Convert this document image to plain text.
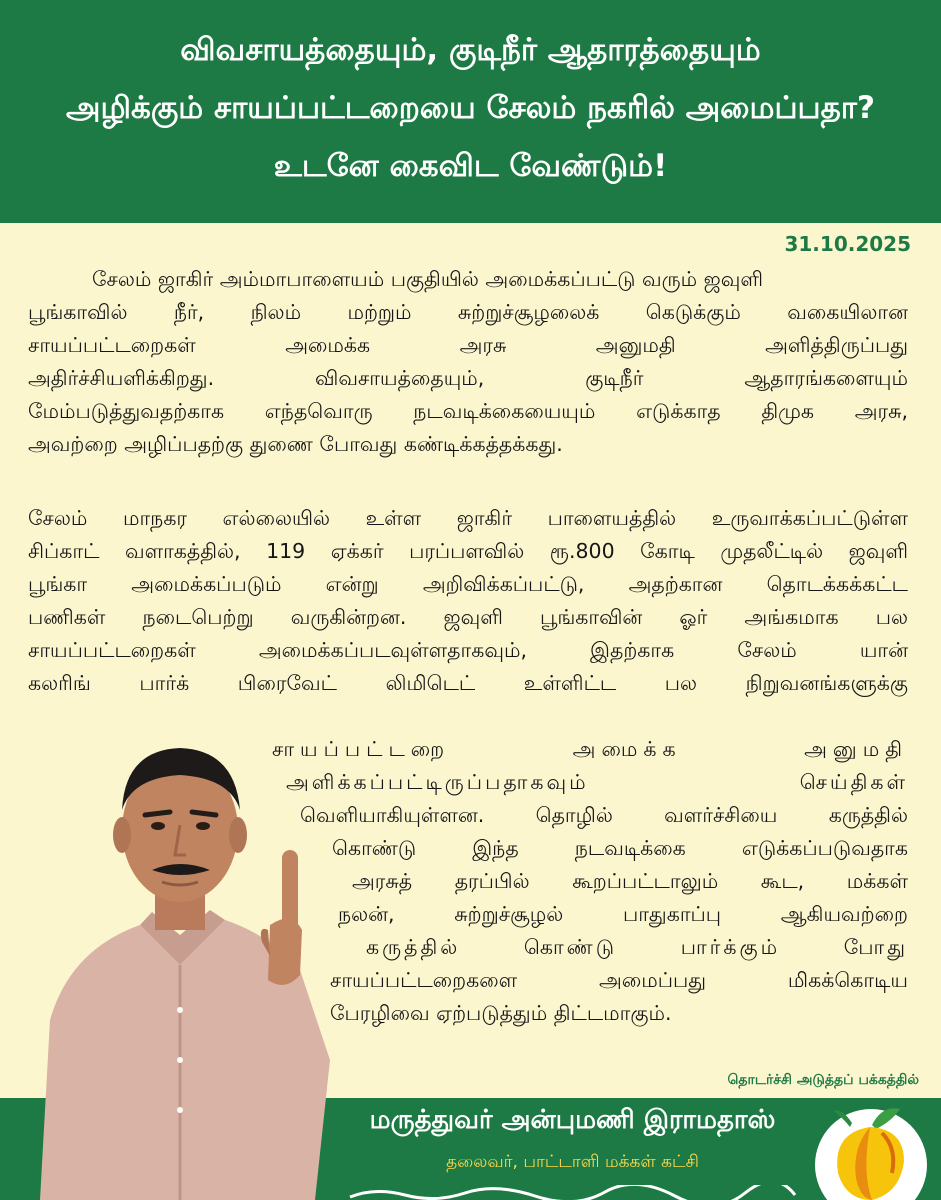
விவசாயத்தையும், குடிநீர் ஆதாரத்தையும்
அழிக்கும் சாயப்பட்டறையை சேலம் நகரில் அமைப்பதா?
உடனே கைவிட வேண்டும்!
31.10.2025
சேலம் ஜாகிர் அம்மாபாளையம் பகுதியில் அமைக்கப்பட்டு வரும் ஜவுளி
பூங்காவில் நீர், நிலம் மற்றும் சுற்றுச்சூழலைக் கெடுக்கும் வகையிலான
சாயப்பட்டறைகள் அமைக்க அரசு அனுமதி அளித்திருப்பது
அதிர்ச்சியளிக்கிறது. விவசாயத்தையும், குடிநீர் ஆதாரங்களையும்
மேம்படுத்துவதற்காக எந்தவொரு நடவடிக்கையையும் எடுக்காத திமுக அரசு,
அவற்றை அழிப்பதற்கு துணை போவது கண்டிக்கத்தக்கது.
சேலம் மாநகர எல்லையில் உள்ள ஜாகிர் பாளையத்தில் உருவாக்கப்பட்டுள்ள
சிப்காட் வளாகத்தில், 119 ஏக்கர் பரப்பளவில் ரூ.800 கோடி முதலீட்டில் ஜவுளி
பூங்கா அமைக்கப்படும் என்று அறிவிக்கப்பட்டு, அதற்கான தொடக்கக்கட்ட
பணிகள் நடைபெற்று வருகின்றன. ஜவுளி பூங்காவின் ஓர் அங்கமாக பல
சாயப்பட்டறைகள் அமைக்கப்படவுள்ளதாகவும், இதற்காக சேலம் யான்
கலரிங் பார்க் பிரைவேட் லிமிடெட் உள்ளிட்ட பல நிறுவனங்களுக்கு
சாயப்பட்டறை அமைக்க அனுமதி
அளிக்கப்பட்டிருப்பதாகவும் செய்திகள்
வெளியாகியுள்ளன. தொழில் வளர்ச்சியை கருத்தில்
கொண்டு இந்த நடவடிக்கை எடுக்கப்படுவதாக
அரசுத் தரப்பில் கூறப்பட்டாலும் கூட, மக்கள்
நலன், சுற்றுச்சூழல் பாதுகாப்பு ஆகியவற்றை
கருத்தில் கொண்டு பார்க்கும் போது
சாயப்பட்டறைகளை அமைப்பது மிகக்கொடிய
பேரழிவை ஏற்படுத்தும் திட்டமாகும்.
தொடர்ச்சி அடுத்தப் பக்கத்தில்
மருத்துவர் அன்புமணி இராமதாஸ்
தலைவர், பாட்டாளி மக்கள் கட்சி
